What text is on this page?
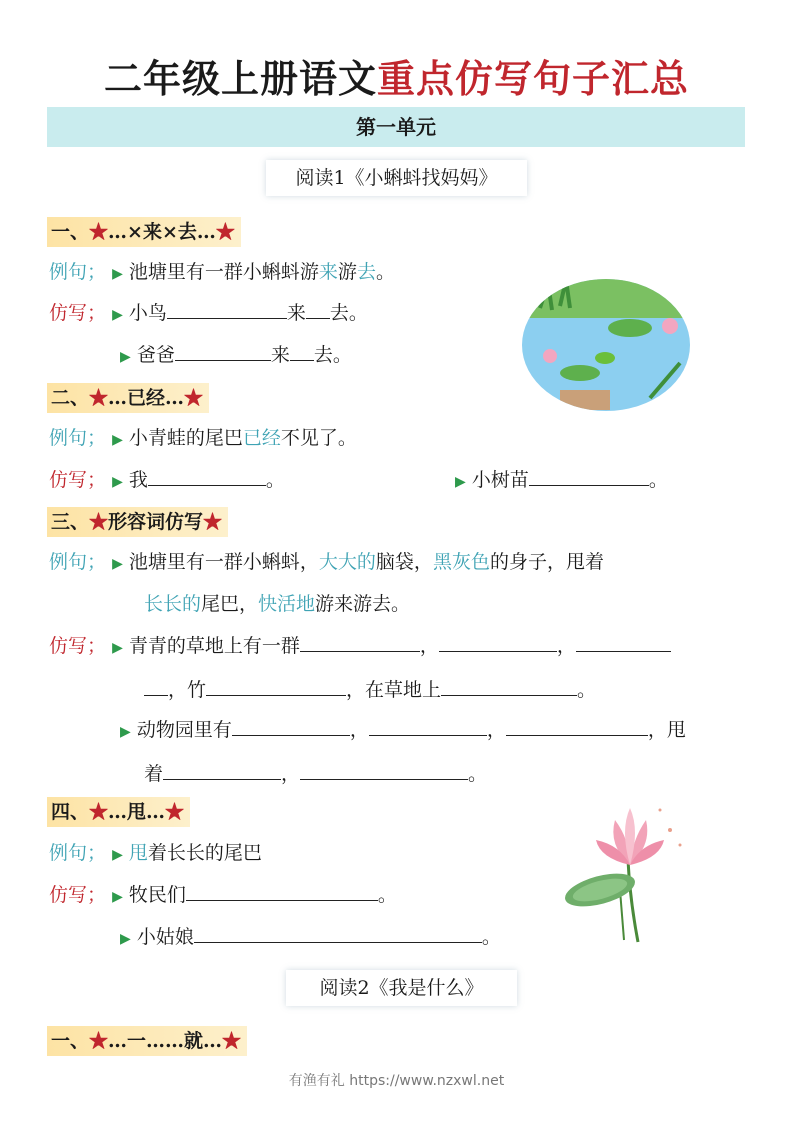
二年级上册语文重点仿写句子汇总
第一单元
阅读1《小蝌蚪找妈妈》
一、★…×来×去…★
例句； ▶ 池塘里有一群小蝌蚪游来游去。
仿写； ▶ 小鸟	来 去。
▶ 爸爸	来 去。
二、★…已经…★
例句； ▶ 小青蛙的尾巴已经不见了。
仿写； ▶ 我	。	▶ 小树苗	。
三、★形容词仿写★
例句； ▶ 池塘里有一群小蝌蚪，大大的脑袋，黑灰色的身子，甩着
长长的尾巴，快活地游来游去。
仿写； ▶ 青青的草地上有一群	，	，
，竹	，在草地上	。
▶ 动物园里有	，	，	，甩
着	，	。
四、★…甩…★
例句； ▶ 甩着长长的尾巴
仿写； ▶ 牧民们	。
▶ 小姑娘	。
阅读2《我是什么》
一、★…一……就…★
有渔有礼 https://www.nzxwl.net
